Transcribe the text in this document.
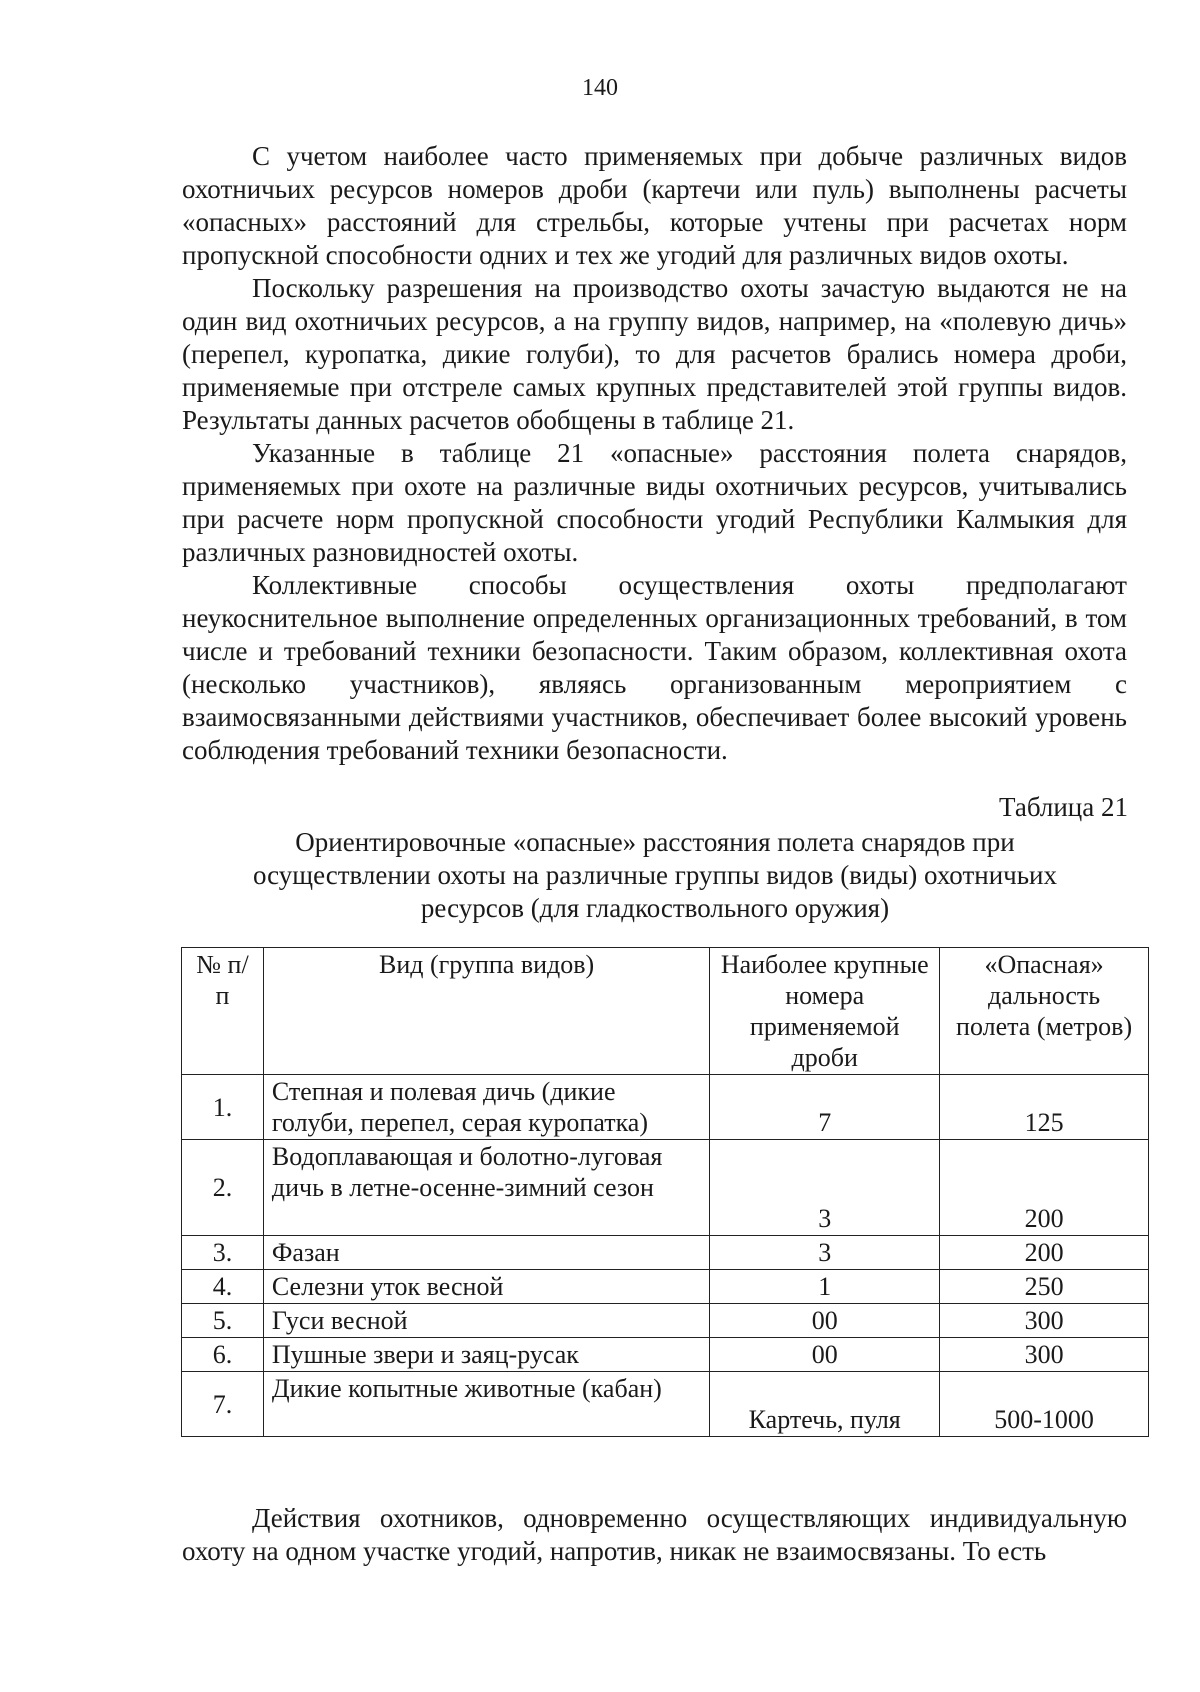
140

С учетом наиболее часто применяемых при добыче различных видов охотничьих ресурсов номеров дроби (картечи или пуль) выполнены расчеты «опасных» расстояний для стрельбы, которые учтены при расчетах норм пропускной способности одних и тех же угодий для различных видов охоты.

Поскольку разрешения на производство охоты зачастую выдаются не на один вид охотничьих ресурсов, а на группу видов, например, на «полевую дичь» (перепел, куропатка, дикие голуби), то для расчетов брались номера дроби, применяемые при отстреле самых крупных представителей этой группы видов. Результаты данных расчетов обобщены в таблице 21.

Указанные в таблице 21 «опасные» расстояния полета снарядов, применяемых при охоте на различные виды охотничьих ресурсов, учитывались при расчете норм пропускной способности угодий Республики Калмыкия для различных разновидностей охоты.

Коллективные способы осуществления охоты предполагают неукоснительное выполнение определенных организационных требований, в том числе и требований техники безопасности. Таким образом, коллективная охота (несколько участников), являясь организованным мероприятием с взаимосвязанными действиями участников, обеспечивает более высокий уровень соблюдения требований техники безопасности.

Таблица 21
Ориентировочные «опасные» расстояния полета снарядов при осуществлении охоты на различные группы видов (виды) охотничьих ресурсов (для гладкоствольного оружия)
№ п/п	Вид (группа видов)	Наиболее крупные номера применяемой дроби	«Опасная» дальность полета (метров)
1.	Степная и полевая дичь (дикие голуби, перепел, серая куропатка)	7	125
2.	Водоплавающая и болотно-луговая дичь в летне-осенне-зимний сезон	3	200
3.	Фазан	3	200
4.	Селезни уток весной	1	250
5.	Гуси весной	00	300
6.	Пушные звери и заяц-русак	00	300
7.	Дикие копытные животные (кабан)	Картечь, пуля	500-1000

Действия охотников, одновременно осуществляющих индивидуальную охоту на одном участке угодий, напротив, никак не взаимосвязаны. То есть
